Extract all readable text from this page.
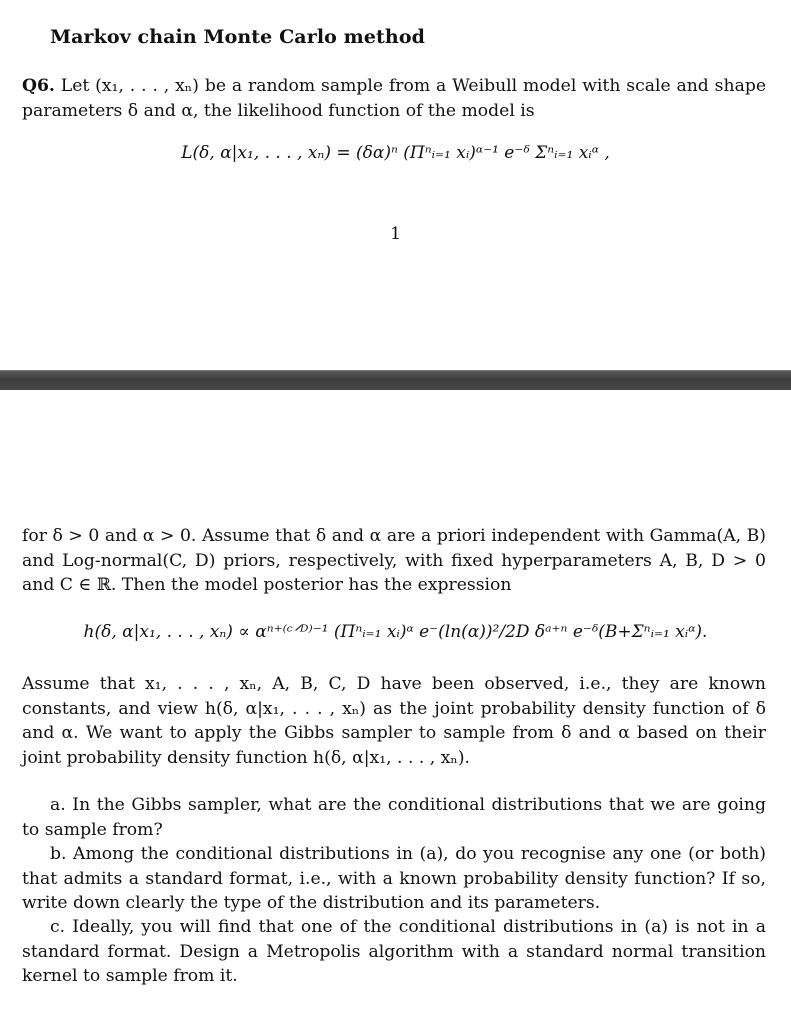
Markov chain Monte Carlo method
Q6. Let (x₁, . . . , xₙ) be a random sample from a Weibull model with scale and shape parameters δ and α, the likelihood function of the model is
L(δ, α|x₁, . . . , xₙ) = (δα)ⁿ (Πⁿᵢ₌₁ xᵢ)ᵅ⁻¹ e⁻ᵟ Σⁿᵢ₌₁ xᵢᵅ ,
1
for δ > 0 and α > 0. Assume that δ and α are a priori independent with Gamma(A, B) and Log-normal(C, D) priors, respectively, with fixed hyperparameters A, B, D > 0 and C ∈ ℝ. Then the model posterior has the expression
h(δ, α|x₁, . . . , xₙ) ∝ αⁿ⁺⁽ᶜᐟᴰ⁾⁻¹ (Πⁿᵢ₌₁ xᵢ)ᵅ e⁻(ln(α))²/2D δᵃ⁺ⁿ e⁻ᵟ(B+Σⁿᵢ₌₁ xᵢᵅ).
Assume that x₁, . . . , xₙ, A, B, C, D have been observed, i.e., they are known constants, and view h(δ, α|x₁, . . . , xₙ) as the joint probability density function of δ and α. We want to apply the Gibbs sampler to sample from δ and α based on their joint probability density function h(δ, α|x₁, . . . , xₙ).
a. In the Gibbs sampler, what are the conditional distributions that we are going to sample from?
b. Among the conditional distributions in (a), do you recognise any one (or both) that admits a standard format, i.e., with a known probability density function? If so, write down clearly the type of the distribution and its parameters.
c. Ideally, you will find that one of the conditional distributions in (a) is not in a standard format. Design a Metropolis algorithm with a standard normal transition kernel to sample from it.
